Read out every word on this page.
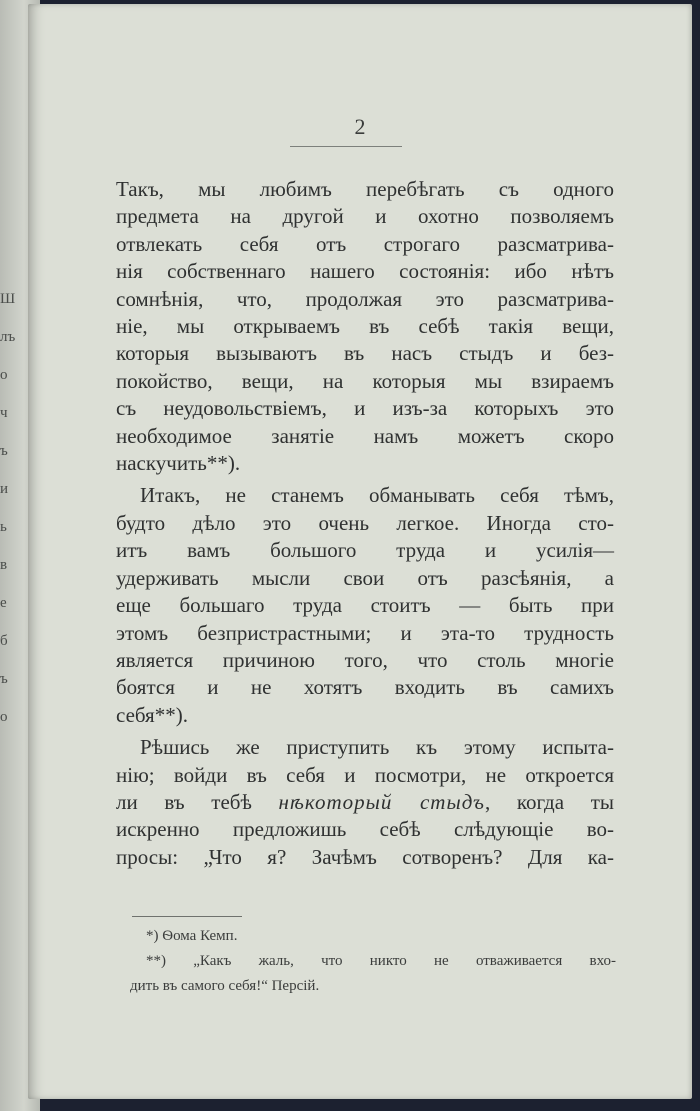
Ш
лъ
о
ч
ъ
и
ь
в
е
б
ъ
о
2

Такъ, мы любимъ перебѣгать съ одного
предмета на другой и охотно позволяемъ
отвлекать себя отъ строгаго разсматрива-
нія собственнаго нашего состоянія: ибо нѣтъ
сомнѣнія, что, продолжая это разсматрива-
ніе, мы открываемъ въ себѣ такія вещи,
которыя вызываютъ въ насъ стыдъ и без-
покойство, вещи, на которыя мы взираемъ
съ неудовольствіемъ, и изъ-за которыхъ это
необходимое занятіе намъ можетъ скоро
наскучить**).

Итакъ, не станемъ обманывать себя тѣмъ,
будто дѣло это очень легкое. Иногда сто-
итъ вамъ большого труда и усилія—
удерживать мысли свои отъ разсѣянія, а
еще большаго труда стоитъ — быть при
этомъ безпристрастными; и эта-то трудность
является причиною того, что столь многіе
боятся и не хотятъ входить въ самихъ
себя**).

Рѣшись же приступить къ этому испыта-
нію; войди въ себя и посмотри, не откроется
ли въ тебѣ нѣкоторый стыдъ, когда ты
искренно предложишь себѣ слѣдующіе во-
просы: „Что я? Зачѣмъ сотворенъ? Для ка-

*) Ѳома Кемп.
**) „Какъ жаль, что никто не отваживается вхо-
дить въ самого себя!“ Персій.
